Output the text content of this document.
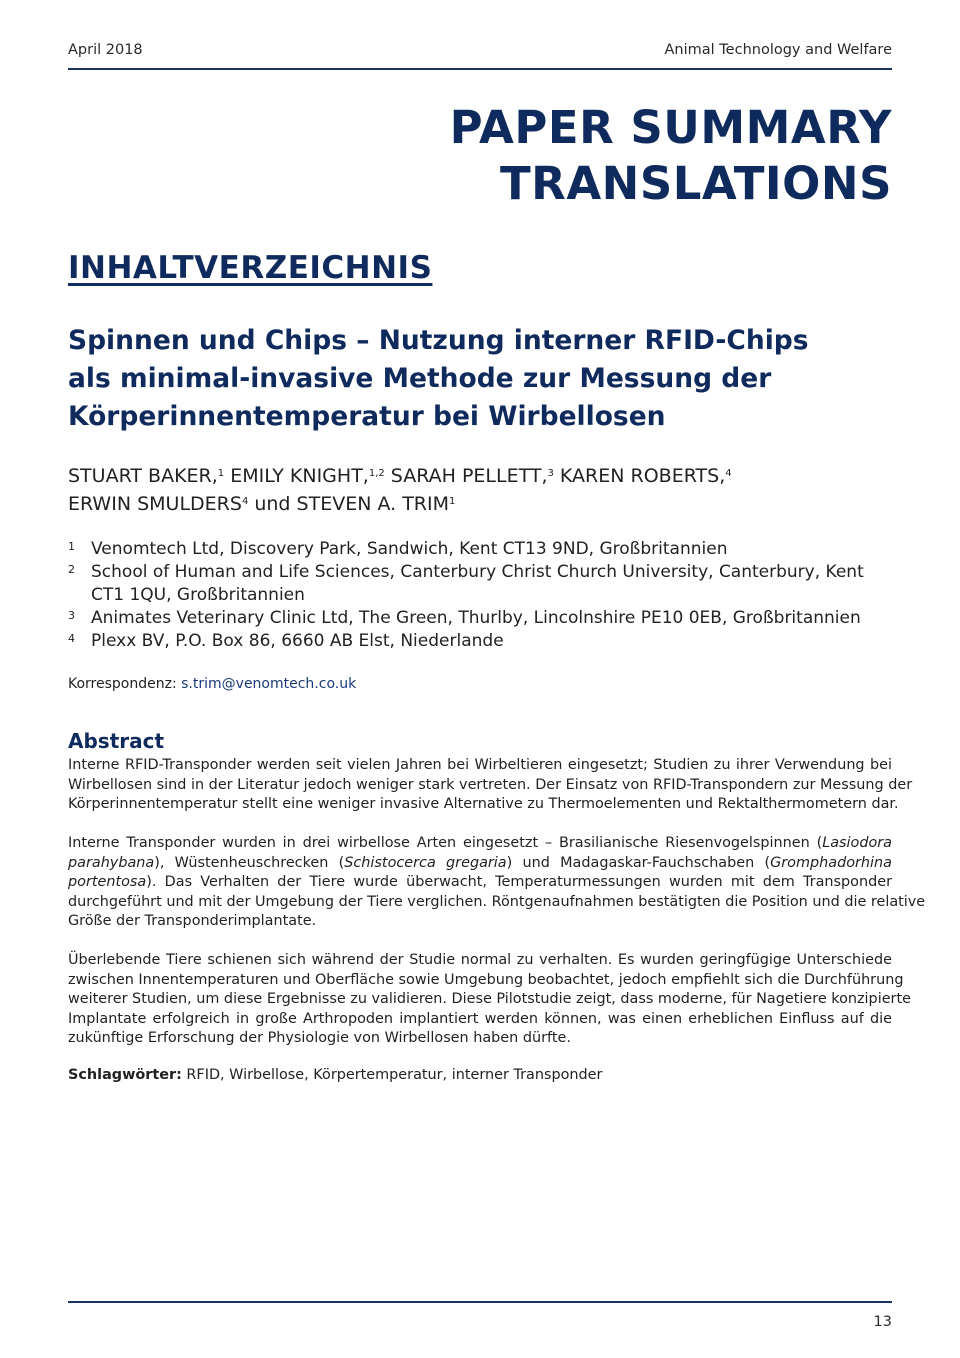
April 2018	Animal Technology and Welfare
PAPER SUMMARY
TRANSLATIONS
INHALTVERZEICHNIS
Spinnen und Chips – Nutzung interner RFID-Chips
als minimal-invasive Methode zur Messung der
Körperinnentemperatur bei Wirbellosen
STUART BAKER,$^1$ EMILY KNIGHT,$^{1,2}$ SARAH PELLETT,$^3$ KAREN ROBERTS,$^4$
ERWIN SMULDERS$^4$ und STEVEN A. TRIM$^1$
1 Venomtech Ltd, Discovery Park, Sandwich, Kent CT13 9ND, Großbritannien
2 School of Human and Life Sciences, Canterbury Christ Church University, Canterbury, Kent
CT1 1QU, Großbritannien
3 Animates Veterinary Clinic Ltd, The Green, Thurlby, Lincolnshire PE10 0EB, Großbritannien
4 Plexx BV, P.O. Box 86, 6660 AB Elst, Niederlande
Korrespondenz: s.trim@venomtech.co.uk
Abstract
Interne RFID-Transponder werden seit vielen Jahren bei Wirbeltieren eingesetzt; Studien zu ihrer Verwendung bei
Wirbellosen sind in der Literatur jedoch weniger stark vertreten. Der Einsatz von RFID-Transpondern zur Messung der
Körperinnentemperatur stellt eine weniger invasive Alternative zu Thermoelementen und Rektalthermometern dar.
Interne Transponder wurden in drei wirbellose Arten eingesetzt – Brasilianische Riesenvogelspinnen (Lasiodora
parahybana), Wüstenheuschrecken (Schistocerca gregaria) und Madagaskar-Fauchschaben (Gromphadorhina
portentosa). Das Verhalten der Tiere wurde überwacht, Temperaturmessungen wurden mit dem Transponder
durchgeführt und mit der Umgebung der Tiere verglichen. Röntgenaufnahmen bestätigten die Position und die relative
Größe der Transponderimplantate.
Überlebende Tiere schienen sich während der Studie normal zu verhalten. Es wurden geringfügige Unterschiede
zwischen Innentemperaturen und Oberfläche sowie Umgebung beobachtet, jedoch empfiehlt sich die Durchführung
weiterer Studien, um diese Ergebnisse zu validieren. Diese Pilotstudie zeigt, dass moderne, für Nagetiere konzipierte
Implantate erfolgreich in große Arthropoden implantiert werden können, was einen erheblichen Einfluss auf die
zukünftige Erforschung der Physiologie von Wirbellosen haben dürfte.
Schlagwörter: RFID, Wirbellose, Körpertemperatur, interner Transponder
13
